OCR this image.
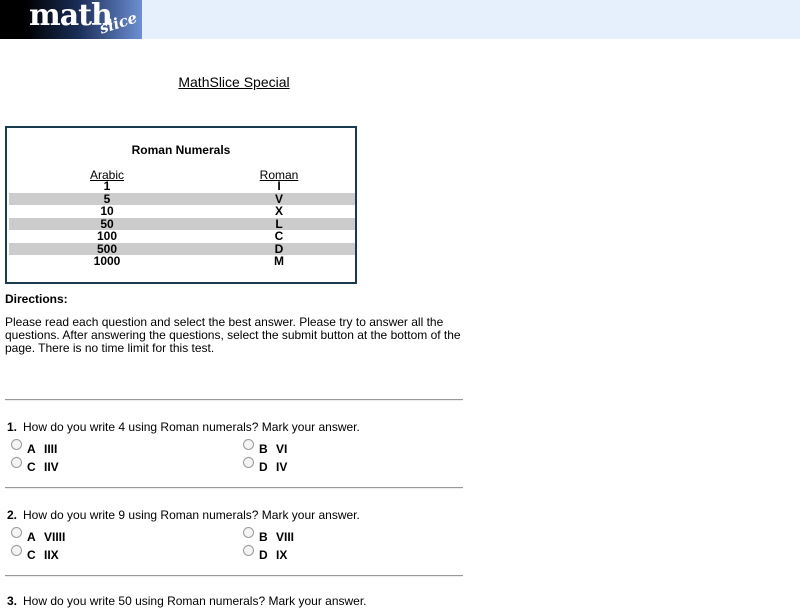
math
slice
MathSlice Special
Roman Numerals
Arabic	Roman
1	I
5	V
10	X
50	L
100	C
500	D
1000	M
Directions:
Please read each question and select the best answer. Please try to answer all the questions. After answering the questions, select the submit button at the bottom of the page. There is no time limit for this test.
1. How do you write 4 using Roman numerals? Mark your answer.
A IIII	B VI
C IIV	D IV
2. How do you write 9 using Roman numerals? Mark your answer.
A VIIII	B VIII
C IIX	D IX
3. How do you write 50 using Roman numerals? Mark your answer.
